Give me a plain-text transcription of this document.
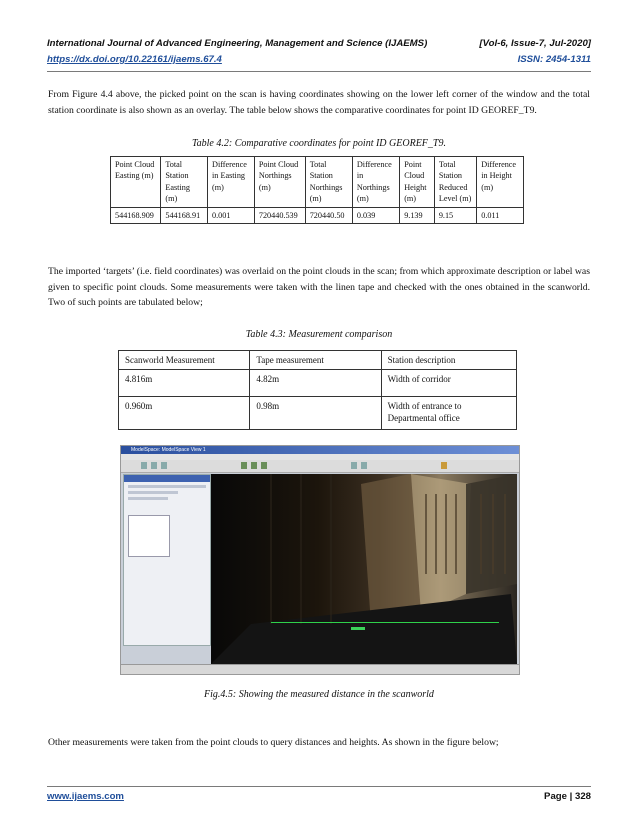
International Journal of Advanced Engineering, Management and Science (IJAEMS)	[Vol-6, Issue-7, Jul-2020]
https://dx.doi.org/10.22161/ijaems.67.4	ISSN: 2454-1311
From Figure 4.4 above, the picked point on the scan is having coordinates showing on the lower left corner of the window and the total station coordinate is also shown as an overlay. The table below shows the comparative coordinates for point ID GEOREF_T9.
Table 4.2: Comparative coordinates for point ID GEOREF_T9.
Point Cloud Easting (m)	Total Station Easting (m)	Difference in Easting (m)	Point Cloud Northings (m)	Total Station Northings (m)	Difference in Northings (m)	Point Cloud Height (m)	Total Station Reduced Level (m)	Difference in Height (m)
544168.909	544168.91	0.001	720440.539	720440.50	0.039	9.139	9.15	0.011
The imported ‘targets’ (i.e. field coordinates) was overlaid on the point clouds in the scan; from which approximate description or label was given to specific point clouds. Some measurements were taken with the linen tape and checked with the ones obtained in the scanworld. Two of such points are tabulated below;
Table 4.3: Measurement comparison
Scanworld Measurement	Tape measurement	Station description
4.816m	4.82m	Width of corridor
0.960m	0.98m	Width of entrance to Departmental office
ModelSpace: ModelSpace View 1
Fig.4.5: Showing the measured distance in the scanworld
Other measurements were taken from the point clouds to query distances and heights. As shown in the figure below;
www.ijaems.com	Page | 328
